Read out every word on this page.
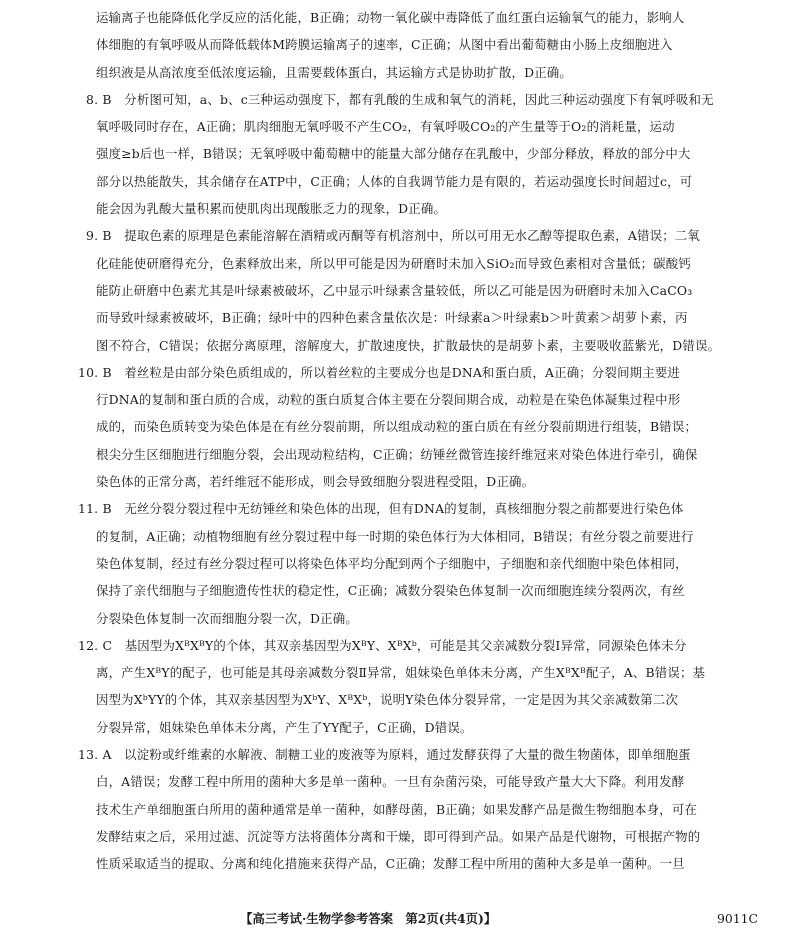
运输离子也能降低化学反应的活化能，B正确；动物一氧化碳中毒降低了血红蛋白运输氧气的能力，影响人
体细胞的有氧呼吸从而降低载体M跨膜运输离子的速率，C正确；从图中看出葡萄糖由小肠上皮细胞进入
组织液是从高浓度至低浓度运输，且需要载体蛋白，其运输方式是协助扩散，D正确。
8. B　分析图可知，a、b、c三种运动强度下，都有乳酸的生成和氧气的消耗，因此三种运动强度下有氧呼吸和无
氧呼吸同时存在，A正确；肌肉细胞无氧呼吸不产生CO₂，有氧呼吸CO₂的产生量等于O₂的消耗量，运动
强度≥b后也一样，B错误；无氧呼吸中葡萄糖中的能量大部分储存在乳酸中，少部分释放，释放的部分中大
部分以热能散失，其余储存在ATP中，C正确；人体的自我调节能力是有限的，若运动强度长时间超过c，可
能会因为乳酸大量积累而使肌肉出现酸胀乏力的现象，D正确。
9. B　提取色素的原理是色素能溶解在酒精或丙酮等有机溶剂中，所以可用无水乙醇等提取色素，A错误；二氧
化硅能使研磨得充分，色素释放出来，所以甲可能是因为研磨时未加入SiO₂而导致色素相对含量低；碳酸钙
能防止研磨中色素尤其是叶绿素被破坏，乙中显示叶绿素含量较低，所以乙可能是因为研磨时未加入CaCO₃
而导致叶绿素被破坏，B正确；绿叶中的四种色素含量依次是：叶绿素a＞叶绿素b＞叶黄素＞胡萝卜素，丙
图不符合，C错误；依据分离原理，溶解度大，扩散速度快，扩散最快的是胡萝卜素，主要吸收蓝紫光，D错误。
10. B　着丝粒是由部分染色质组成的，所以着丝粒的主要成分也是DNA和蛋白质，A正确；分裂间期主要进
行DNA的复制和蛋白质的合成，动粒的蛋白质复合体主要在分裂间期合成，动粒是在染色体凝集过程中形
成的，而染色质转变为染色体是在有丝分裂前期，所以组成动粒的蛋白质在有丝分裂前期进行组装，B错误；
根尖分生区细胞进行细胞分裂，会出现动粒结构，C正确；纺锤丝微管连接纤维冠来对染色体进行牵引，确保
染色体的正常分离，若纤维冠不能形成，则会导致细胞分裂进程受阻，D正确。
11. B　无丝分裂分裂过程中无纺锤丝和染色体的出现，但有DNA的复制，真核细胞分裂之前都要进行染色体
的复制，A正确；动植物细胞有丝分裂过程中每一时期的染色体行为大体相同，B错误；有丝分裂之前要进行
染色体复制，经过有丝分裂过程可以将染色体平均分配到两个子细胞中，子细胞和亲代细胞中染色体相同，
保持了亲代细胞与子细胞遗传性状的稳定性，C正确；减数分裂染色体复制一次而细胞连续分裂两次，有丝
分裂染色体复制一次而细胞分裂一次，D正确。
12. C　基因型为XᴮXᴮY的个体，其双亲基因型为XᴮY、XᴮXᵇ，可能是其父亲减数分裂Ⅰ异常，同源染色体未分
离，产生XᴮY的配子，也可能是其母亲减数分裂Ⅱ异常，姐妹染色单体未分离，产生XᴮXᴮ配子，A、B错误；基
因型为XᵇYY的个体，其双亲基因型为XᵇY、XᴮXᵇ，说明Y染色体分裂异常，一定是因为其父亲减数第二次
分裂异常，姐妹染色单体未分离，产生了YY配子，C正确，D错误。
13. A　以淀粉或纤维素的水解液、制糖工业的废液等为原料，通过发酵获得了大量的微生物菌体，即单细胞蛋
白，A错误；发酵工程中所用的菌种大多是单一菌种。一旦有杂菌污染，可能导致产量大大下降。利用发酵
技术生产单细胞蛋白所用的菌种通常是单一菌种，如酵母菌，B正确；如果发酵产品是微生物细胞本身，可在
发酵结束之后，采用过滤、沉淀等方法将菌体分离和干燥，即可得到产品。如果产品是代谢物，可根据产物的
性质采取适当的提取、分离和纯化措施来获得产品，C正确；发酵工程中所用的菌种大多是单一菌种。一旦
【高三考试·生物学参考答案　第2页(共4页)】	9011C
